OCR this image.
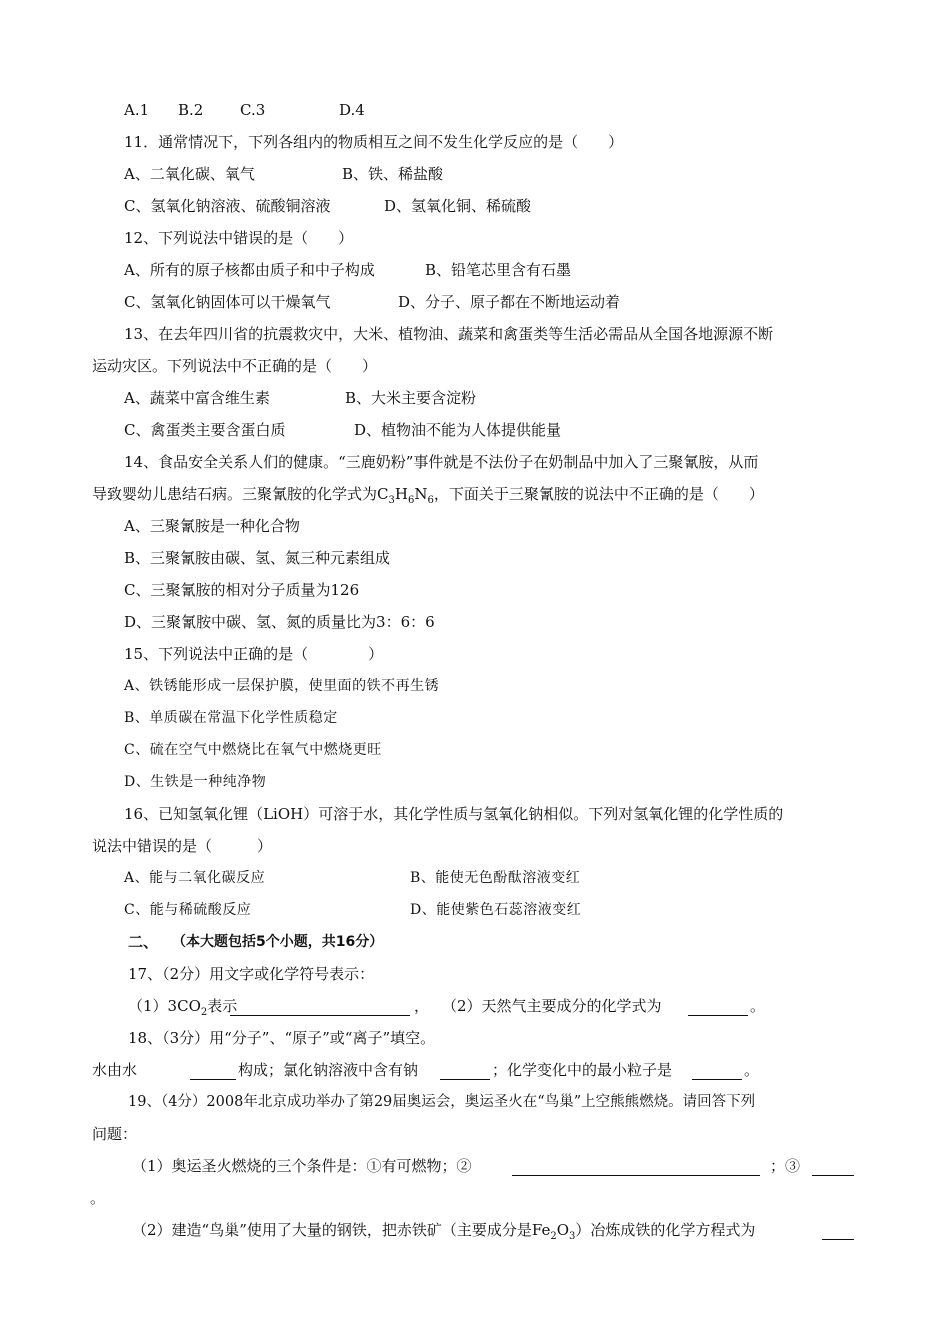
A.1 B.2 C.3	D.4
11．通常情况下，下列各组内的物质相互之间不发生化学反应的是（　　）
A、二氧化碳、氧气	B、铁、稀盐酸
C、氢氧化钠溶液、硫酸铜溶液	D、氢氧化铜、稀硫酸
12、下列说法中错误的是（　　）
A、所有的原子核都由质子和中子构成	B、铅笔芯里含有石墨
C、氢氧化钠固体可以干燥氧气	D、分子、原子都在不断地运动着
13、在去年四川省的抗震救灾中，大米、植物油、蔬菜和禽蛋类等生活必需品从全国各地源源不断
运动灾区。下列说法中不正确的是（　　）
A、蔬菜中富含维生素	B、大米主要含淀粉
C、禽蛋类主要含蛋白质	D、植物油不能为人体提供能量
14、食品安全关系人们的健康。“三鹿奶粉”事件就是不法份子在奶制品中加入了三聚氰胺，从而
导致婴幼儿患结石病。三聚氰胺的化学式为$C_3H_6N_6$，下面关于三聚氰胺的说法中不正确的是（　　）
A、三聚氰胺是一种化合物
B、三聚氰胺由碳、氢、氮三种元素组成
C、三聚氰胺的相对分子质量为126
D、三聚氰胺中碳、氢、氮的质量比为3：6：6
15、下列说法中正确的是（　　　　）
A、铁锈能形成一层保护膜，使里面的铁不再生锈
B、单质碳在常温下化学性质稳定
C、硫在空气中燃烧比在氧气中燃烧更旺
D、生铁是一种纯净物
16、已知氢氧化锂（LiOH）可溶于水，其化学性质与氢氧化钠相似。下列对氢氧化锂的化学性质的
说法中错误的是（　　　）
A、能与二氧化碳反应	B、能使无色酚酞溶液变红
C、能与稀硫酸反应	D、能使紫色石蕊溶液变红
二、 （本大题包括5个小题，共16分）
17、（2分）用文字或化学符号表示：
$(1)3CO_2$表示	， （2）天然气主要成分的化学式为	。
18、（3分）用“分子”、“原子”或“离子”填空。
水由水	构成；氯化钠溶液中含有钠	；化学变化中的最小粒子是	。
19、（4分）2008年北京成功举办了第29届奥运会，奥运圣火在“鸟巢”上空熊熊燃烧。请回答下列
问题：
（1）奥运圣火燃烧的三个条件是：①有可燃物；②	；③
。
（2）建造“鸟巢”使用了大量的钢铁，把赤铁矿（主要成分是$Fe_2O_3$）冶炼成铁的化学方程式为
